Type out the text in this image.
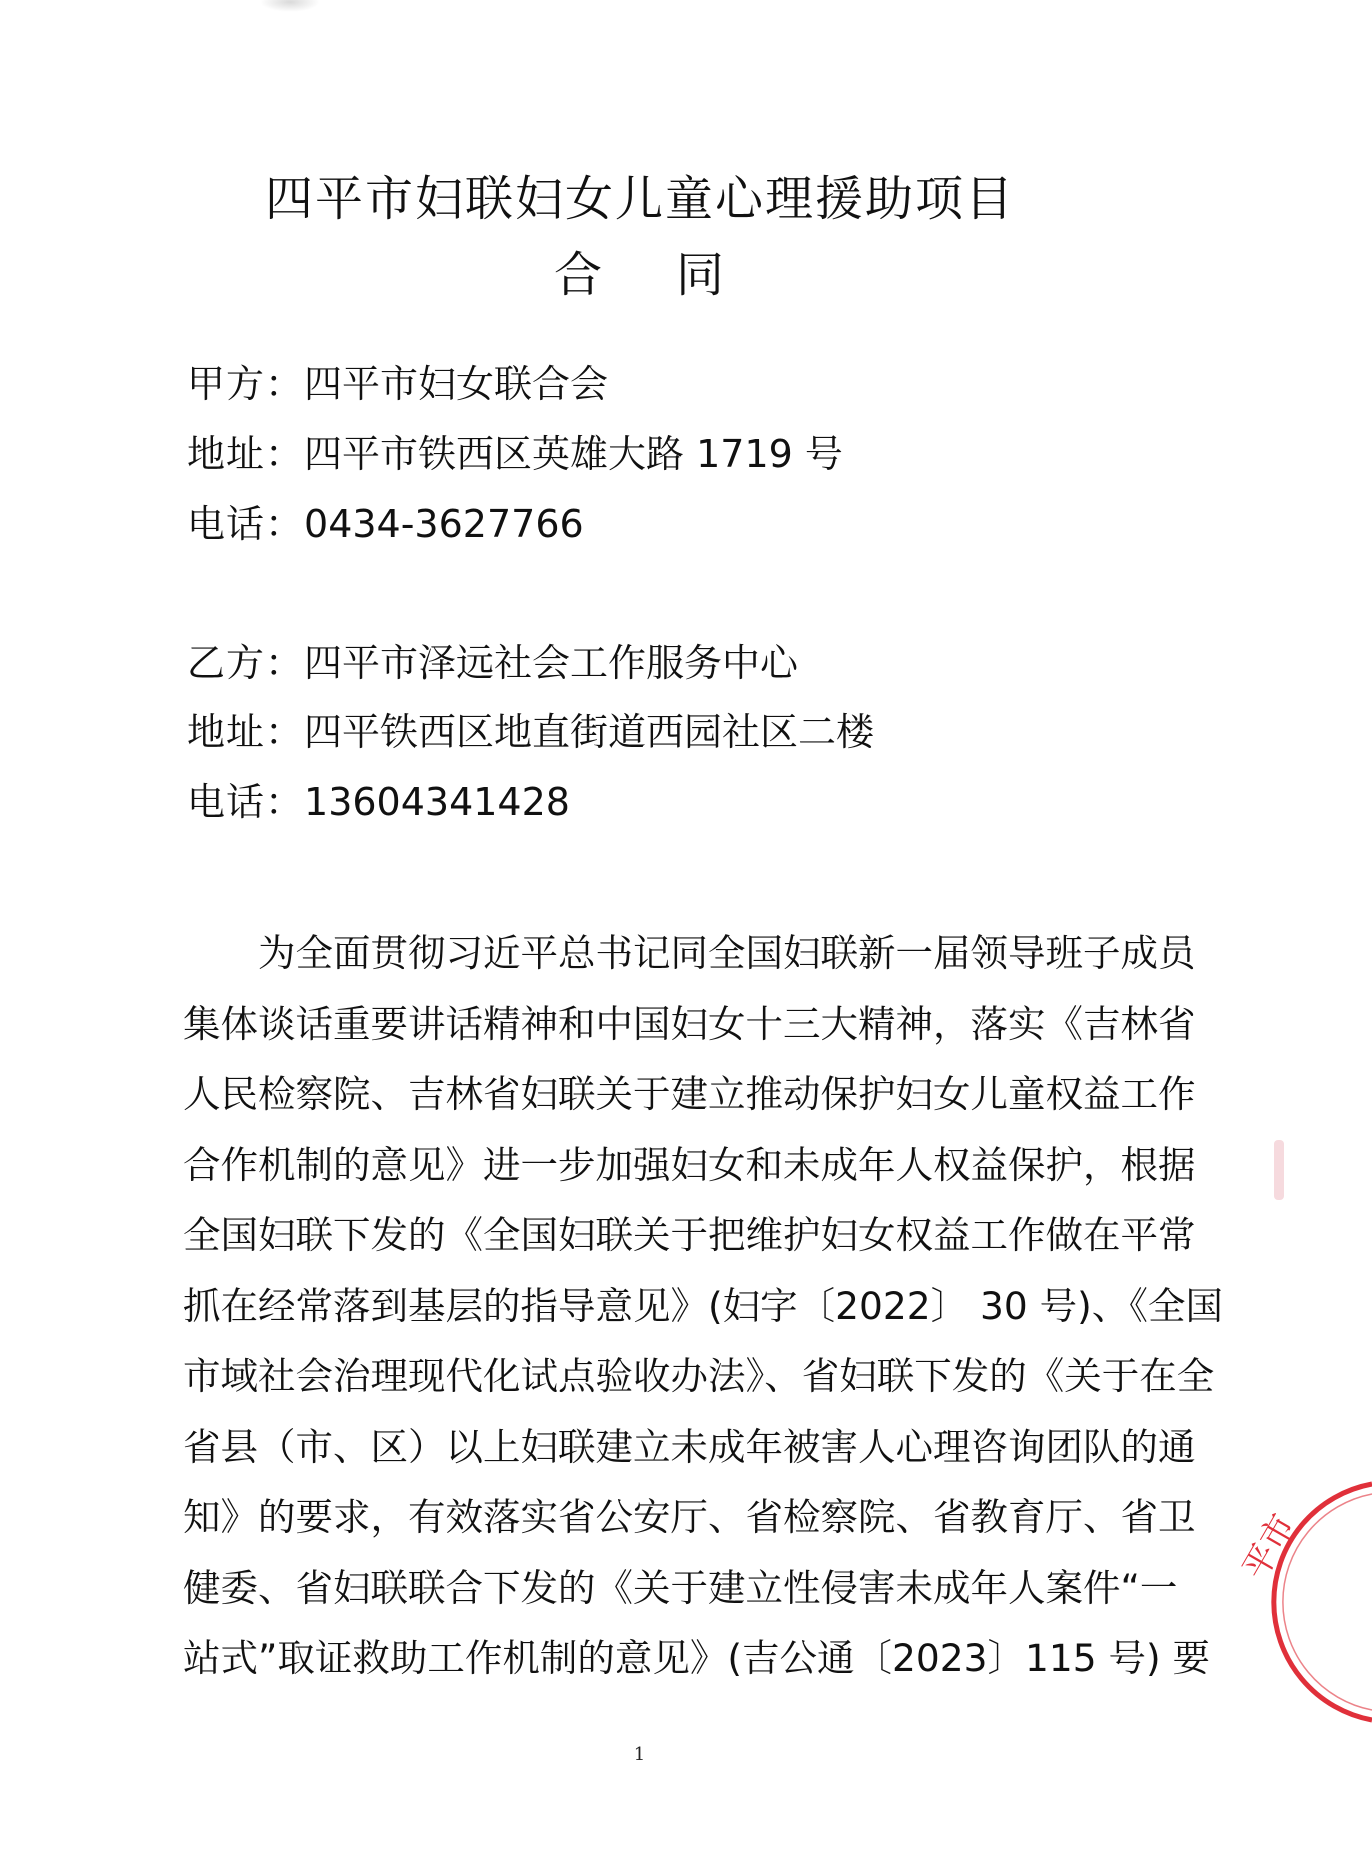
四平市妇联妇女儿童心理援助项目
合 同
甲方：四平市妇女联合会
地址：四平市铁西区英雄大路 1719 号
电话：0434-3627766
乙方：四平市泽远社会工作服务中心
地址：四平铁西区地直街道西园社区二楼
电话：13604341428
为全面贯彻习近平总书记同全国妇联新一届领导班子成员
集体谈话重要讲话精神和中国妇女十三大精神，落实《吉林省
人民检察院、吉林省妇联关于建立推动保护妇女儿童权益工作
合作机制的意见》进一步加强妇女和未成年人权益保护，根据
全国妇联下发的《全国妇联关于把维护妇女权益工作做在平常
抓在经常落到基层的指导意见》(妇字〔2022〕 30 号)、《全国
市域社会治理现代化试点验收办法》、省妇联下发的《关于在全
省县（市、区）以上妇联建立未成年被害人心理咨询团队的通
知》的要求，有效落实省公安厅、省检察院、省教育厅、省卫
健委、省妇联联合下发的《关于建立性侵害未成年人案件“一
站式”取证救助工作机制的意见》(吉公通〔2023〕115 号) 要
平市
1
